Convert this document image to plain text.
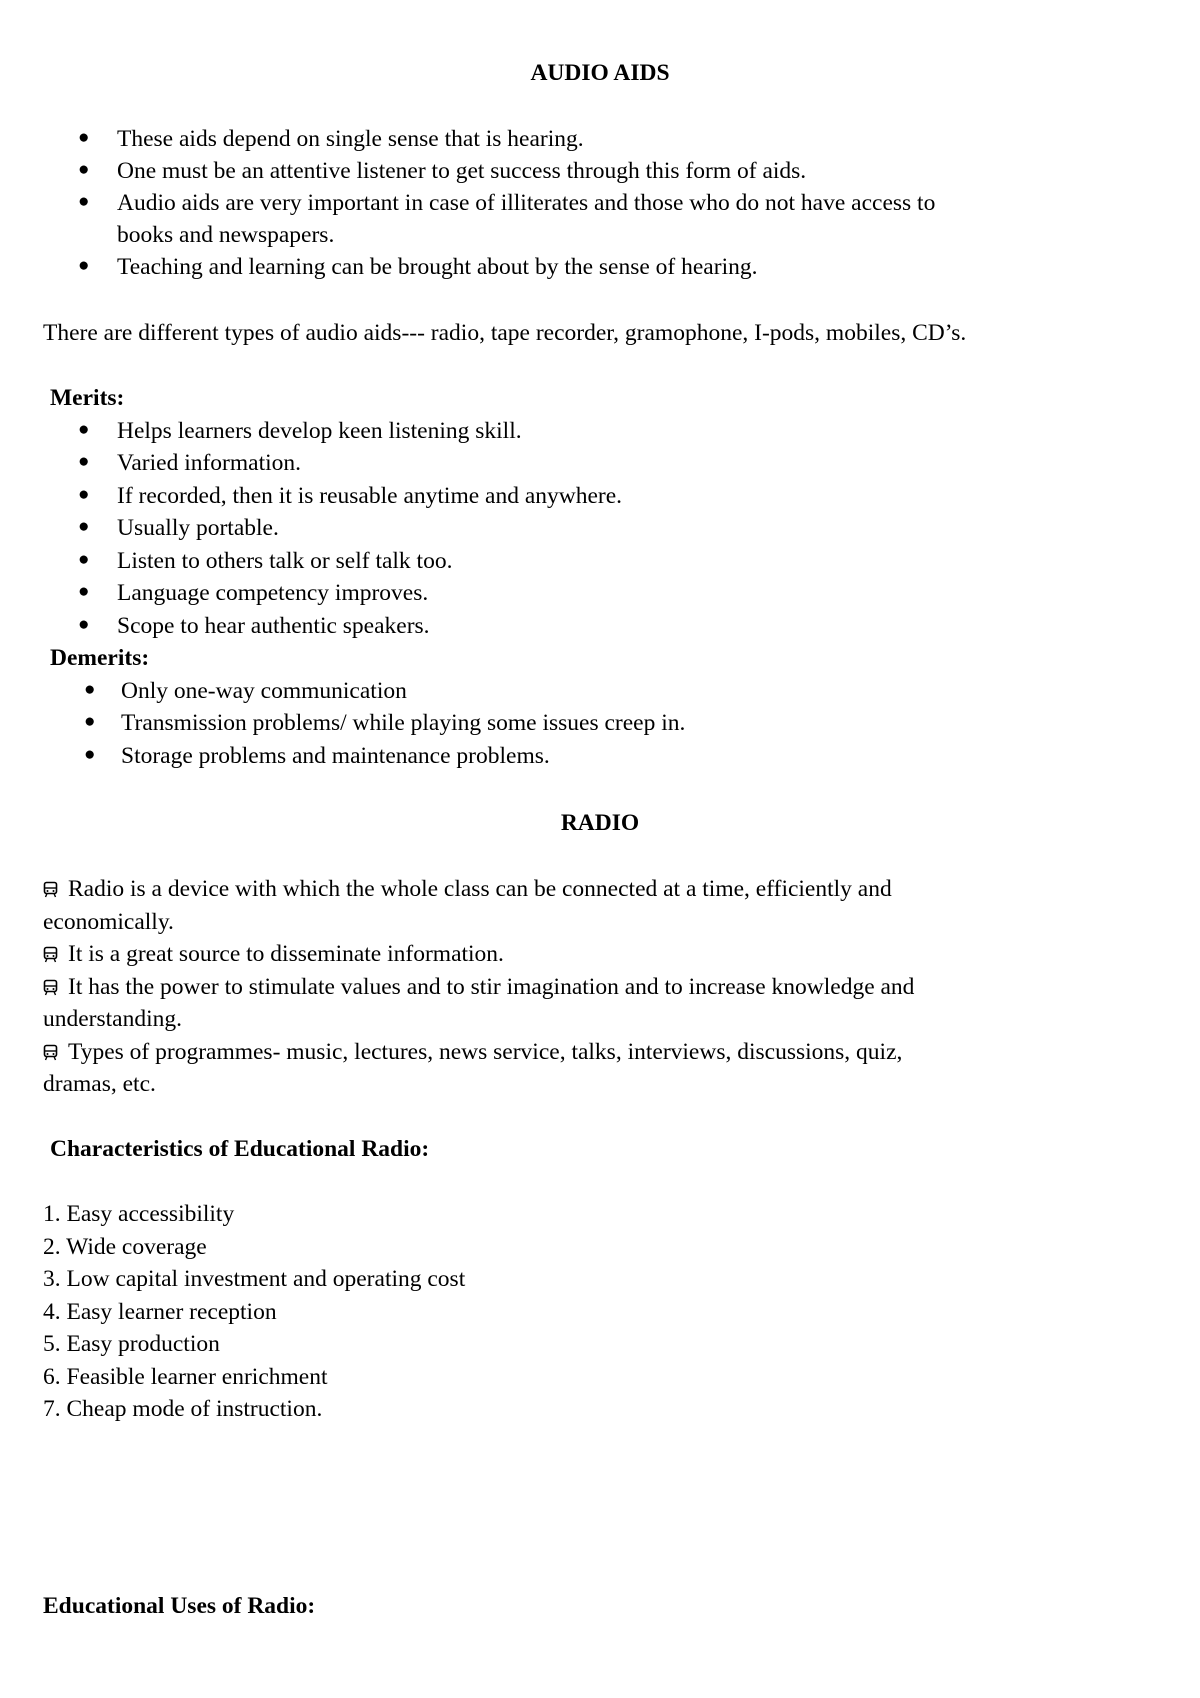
AUDIO AIDS
● These aids depend on single sense that is hearing.
● One must be an attentive listener to get success through this form of aids.
● Audio aids are very important in case of illiterates and those who do not have access to
books and newspapers.
● Teaching and learning can be brought about by the sense of hearing.
There are different types of audio aids--- radio, tape recorder, gramophone, I-pods, mobiles, CD’s.
Merits:
● Helps learners develop keen listening skill.
● Varied information.
● If recorded, then it is reusable anytime and anywhere.
● Usually portable.
● Listen to others talk or self talk too.
● Language competency improves.
● Scope to hear authentic speakers.
Demerits:
● Only one-way communication
● Transmission problems/ while playing some issues creep in.
● Storage problems and maintenance problems.
RADIO
Radio is a device with which the whole class can be connected at a time, efficiently and
economically.
It is a great source to disseminate information.
It has the power to stimulate values and to stir imagination and to increase knowledge and
understanding.
Types of programmes- music, lectures, news service, talks, interviews, discussions, quiz,
dramas, etc.
Characteristics of Educational Radio:
1. Easy accessibility
2. Wide coverage
3. Low capital investment and operating cost
4. Easy learner reception
5. Easy production
6. Feasible learner enrichment
7. Cheap mode of instruction.
Educational Uses of Radio:
